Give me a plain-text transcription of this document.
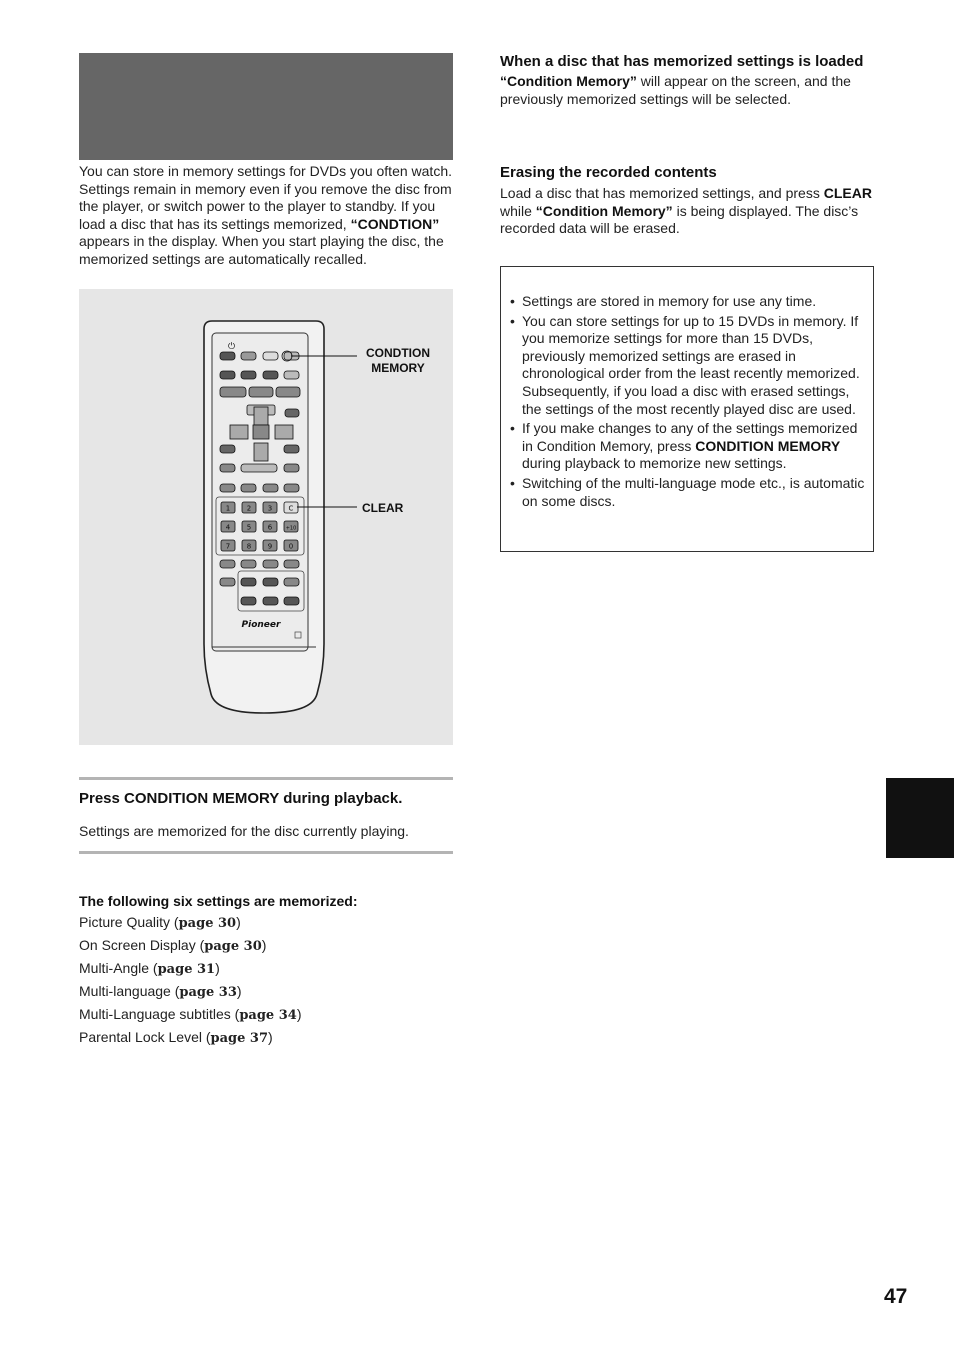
You can store in memory settings for DVDs you often watch. Settings remain in memory even if you remove the disc from the player, or switch power to the player to standby. If you load a disc that has its settings memorized, “CONDTION” appears in the display. When you start playing the disc, the memorized settings are automatically recalled.

⏻
1 2 3 C
4 5 6	+10
7 8 9 0
Pioneer
CONDTION
MEMORY
CLEAR
Press CONDITION MEMORY during playback.

Settings are memorized for the disc currently playing.

The following six settings are memorized:
Picture Quality (page 30)
On Screen Display (page 30)
Multi-Angle (page 31)
Multi-language (page 33)
Multi-Language subtitles (page 34)
Parental Lock Level (page 37)

When a disc that has memorized settings is loaded

“Condition Memory” will appear on the screen, and the previously memorized settings will be selected.

Erasing the recorded contents

Load a disc that has memorized settings, and press CLEAR while “Condition Memory” is being displayed. The disc’s recorded data will be erased.

• Settings are stored in memory for use any time.
• You can store settings for up to 15 DVDs in memory. If you memorize settings for more than 15 DVDs, previously memorized settings are erased in chronological order from the least recently memorized. Subsequently, if you load a disc with erased settings, the settings of the most recently played disc are used.
• If you make changes to any of the settings memorized in Condition Memory, press CONDITION MEMORY during playback to memorize new settings.
• Switching of the multi-language mode etc., is automatic on some discs.
47
